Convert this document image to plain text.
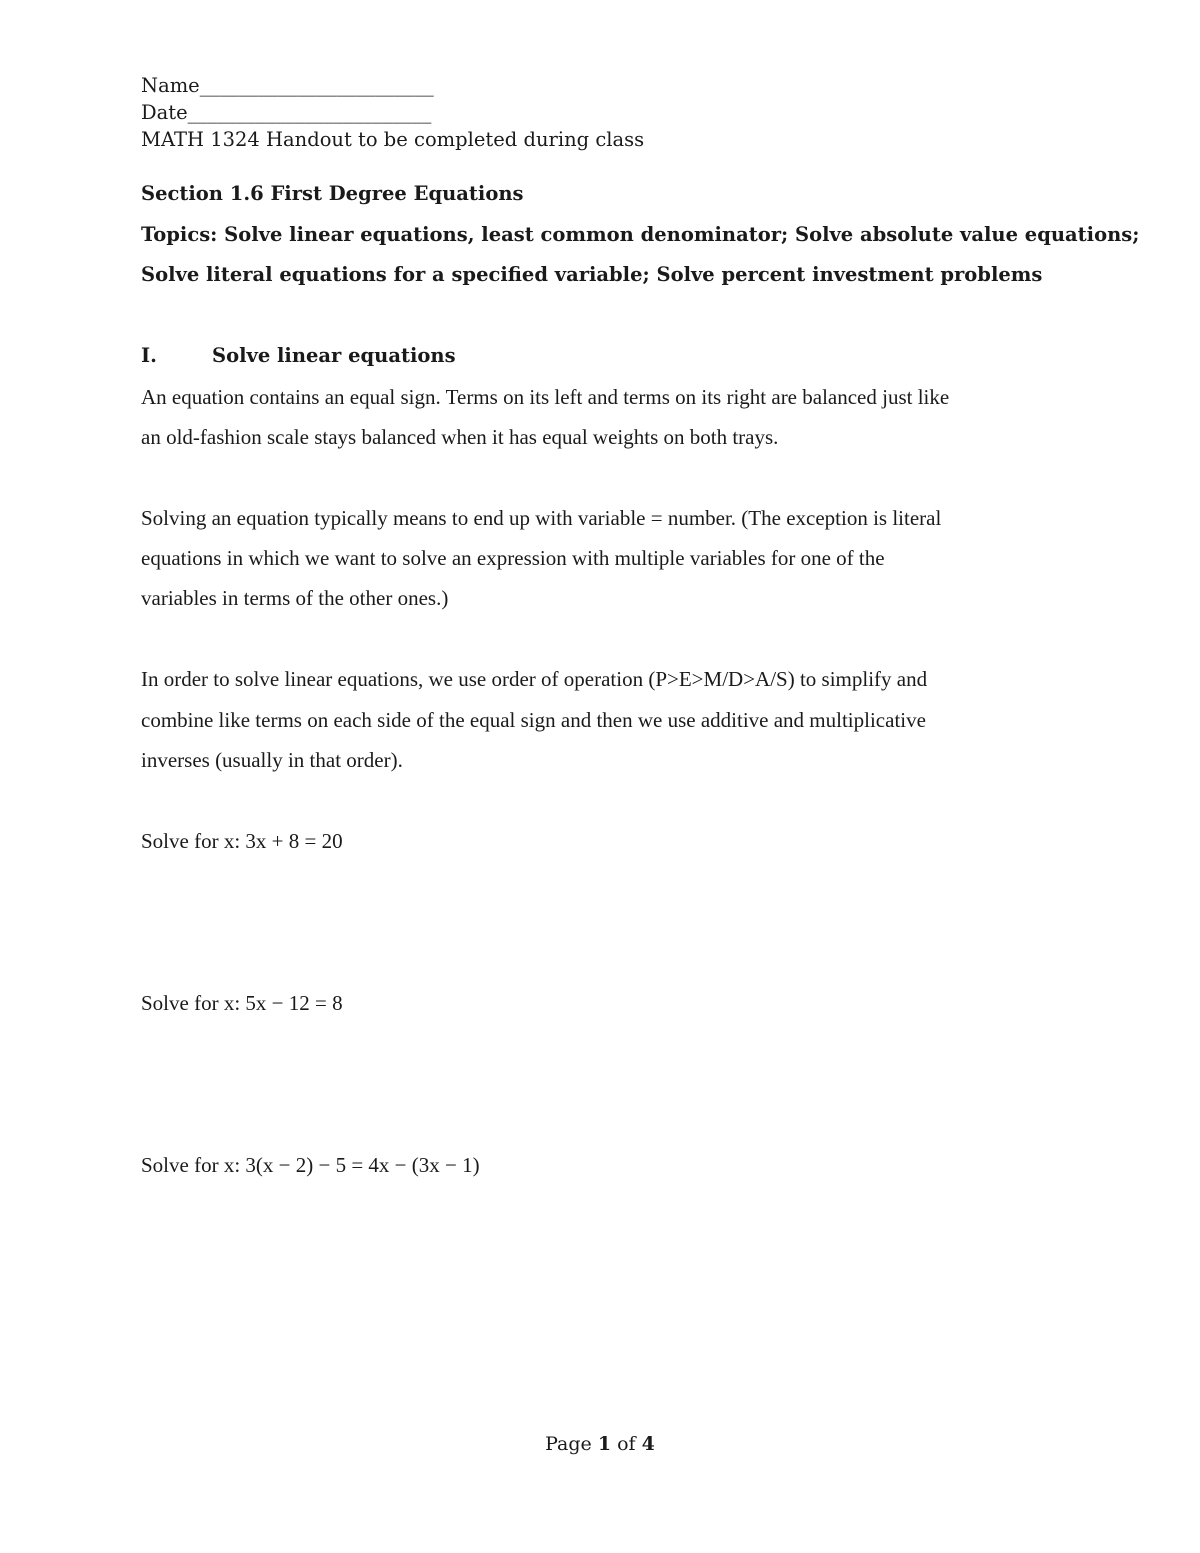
Name________________________
Date_________________________
MATH 1324 Handout to be completed during class
Section 1.6 First Degree Equations
Topics: Solve linear equations, least common denominator; Solve absolute value equations;
Solve literal equations for a specified variable; Solve percent investment problems
I.	Solve linear equations
An equation contains an equal sign. Terms on its left and terms on its right are balanced just like
an old-fashion scale stays balanced when it has equal weights on both trays.
Solving an equation typically means to end up with variable = number. (The exception is literal
equations in which we want to solve an expression with multiple variables for one of the
variables in terms of the other ones.)
In order to solve linear equations, we use order of operation (P>E>M/D>A/S) to simplify and
combine like terms on each side of the equal sign and then we use additive and multiplicative
inverses (usually in that order).
Solve for x: 3x + 8 = 20
Solve for x: 5x − 12 = 8
Solve for x: 3(x − 2) − 5 = 4x − (3x − 1)
Page 1 of 4
